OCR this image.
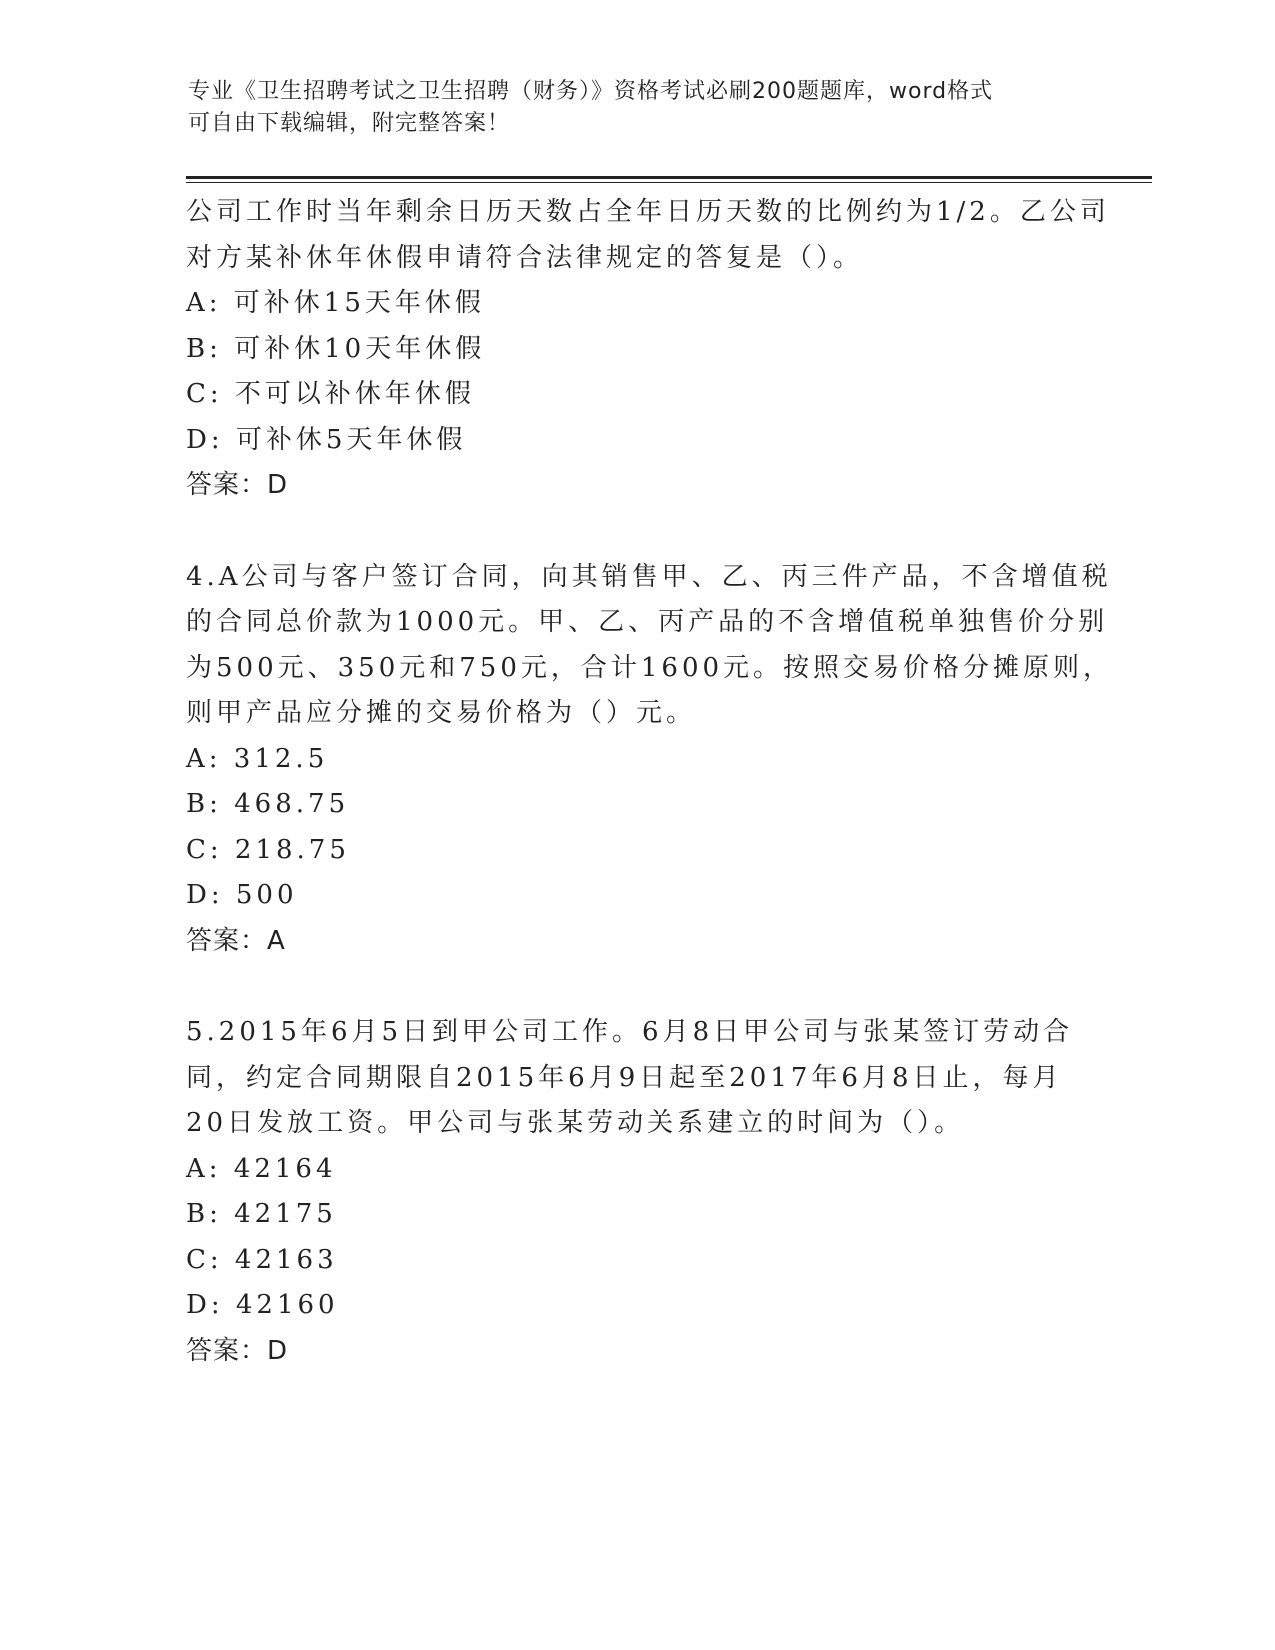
专业《卫生招聘考试之卫生招聘（财务）》资格考试必刷200题题库，word格式
可自由下载编辑，附完整答案！
公司工作时当年剩余日历天数占全年日历天数的比例约为1/2。乙公司
对方某补休年休假申请符合法律规定的答复是（）。
A: 可补休15天年休假
B: 可补休10天年休假
C: 不可以补休年休假
D: 可补休5天年休假
答案：D
4.A公司与客户签订合同，向其销售甲、乙、丙三件产品，不含增值税
的合同总价款为1000元。甲、乙、丙产品的不含增值税单独售价分别
为500元、350元和750元，合计1600元。按照交易价格分摊原则，
则甲产品应分摊的交易价格为（）元。
A: 312.5
B: 468.75
C: 218.75
D: 500
答案：A
5.2015年6月5日到甲公司工作。6月8日甲公司与张某签订劳动合
同，约定合同期限自2015年6月9日起至2017年6月8日止，每月
20日发放工资。甲公司与张某劳动关系建立的时间为（）。
A: 42164
B: 42175
C: 42163
D: 42160
答案：D
